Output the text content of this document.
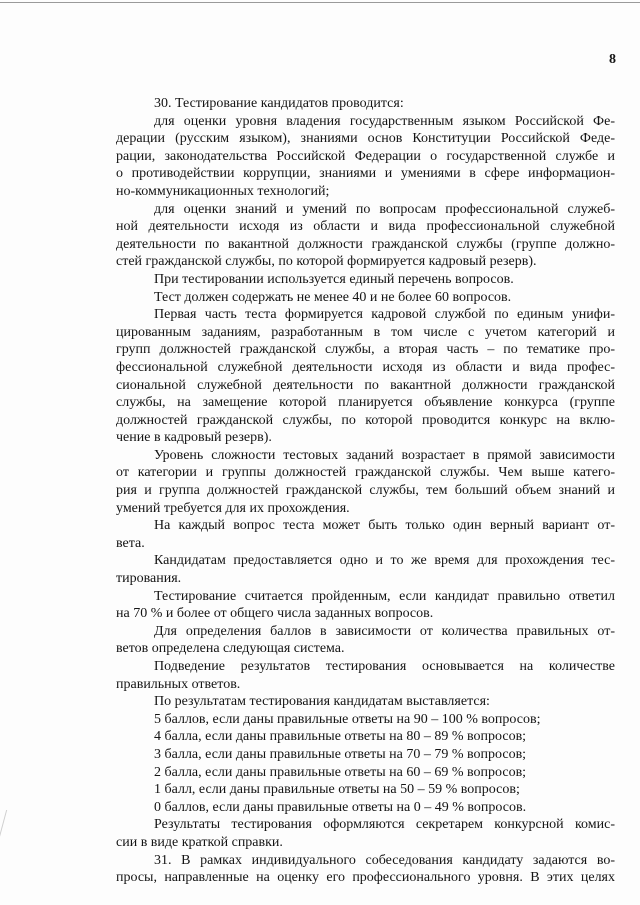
8
30. Тестирование кандидатов проводится:
для оценки уровня владения государственным языком Российской Фе-
дерации (русским языком), знаниями основ Конституции Российской Феде-
рации, законодательства Российской Федерации о государственной службе и
о противодействии коррупции, знаниями и умениями в сфере информацион-
но-коммуникационных технологий;
для оценки знаний и умений по вопросам профессиональной служеб-
ной деятельности исходя из области и вида профессиональной служебной
деятельности по вакантной должности гражданской службы (группе должно-
стей гражданской службы, по которой формируется кадровый резерв).
При тестировании используется единый перечень вопросов.
Тест должен содержать не менее 40 и не более 60 вопросов.
Первая часть теста формируется кадровой службой по единым унифи-
цированным заданиям, разработанным в том числе с учетом категорий и
групп должностей гражданской службы, а вторая часть – по тематике про-
фессиональной служебной деятельности исходя из области и вида профес-
сиональной служебной деятельности по вакантной должности гражданской
службы, на замещение которой планируется объявление конкурса (группе
должностей гражданской службы, по которой проводится конкурс на вклю-
чение в кадровый резерв).
Уровень сложности тестовых заданий возрастает в прямой зависимости
от категории и группы должностей гражданской службы. Чем выше катего-
рия и группа должностей гражданской службы, тем больший объем знаний и
умений требуется для их прохождения.
На каждый вопрос теста может быть только один верный вариант от-
вета.
Кандидатам предоставляется одно и то же время для прохождения тес-
тирования.
Тестирование считается пройденным, если кандидат правильно ответил
на 70 % и более от общего числа заданных вопросов.
Для определения баллов в зависимости от количества правильных от-
ветов определена следующая система.
Подведение результатов тестирования основывается на количестве
правильных ответов.
По результатам тестирования кандидатам выставляется:
5 баллов, если даны правильные ответы на 90 – 100 % вопросов;
4 балла, если даны правильные ответы на 80 – 89 % вопросов;
3 балла, если даны правильные ответы на 70 – 79 % вопросов;
2 балла, если даны правильные ответы на 60 – 69 % вопросов;
1 балл, если даны правильные ответы на 50 – 59 % вопросов;
0 баллов, если даны правильные ответы на 0 – 49 % вопросов.
Результаты тестирования оформляются секретарем конкурсной комис-
сии в виде краткой справки.
31. В рамках индивидуального собеседования кандидату задаются во-
просы, направленные на оценку его профессионального уровня. В этих целях
